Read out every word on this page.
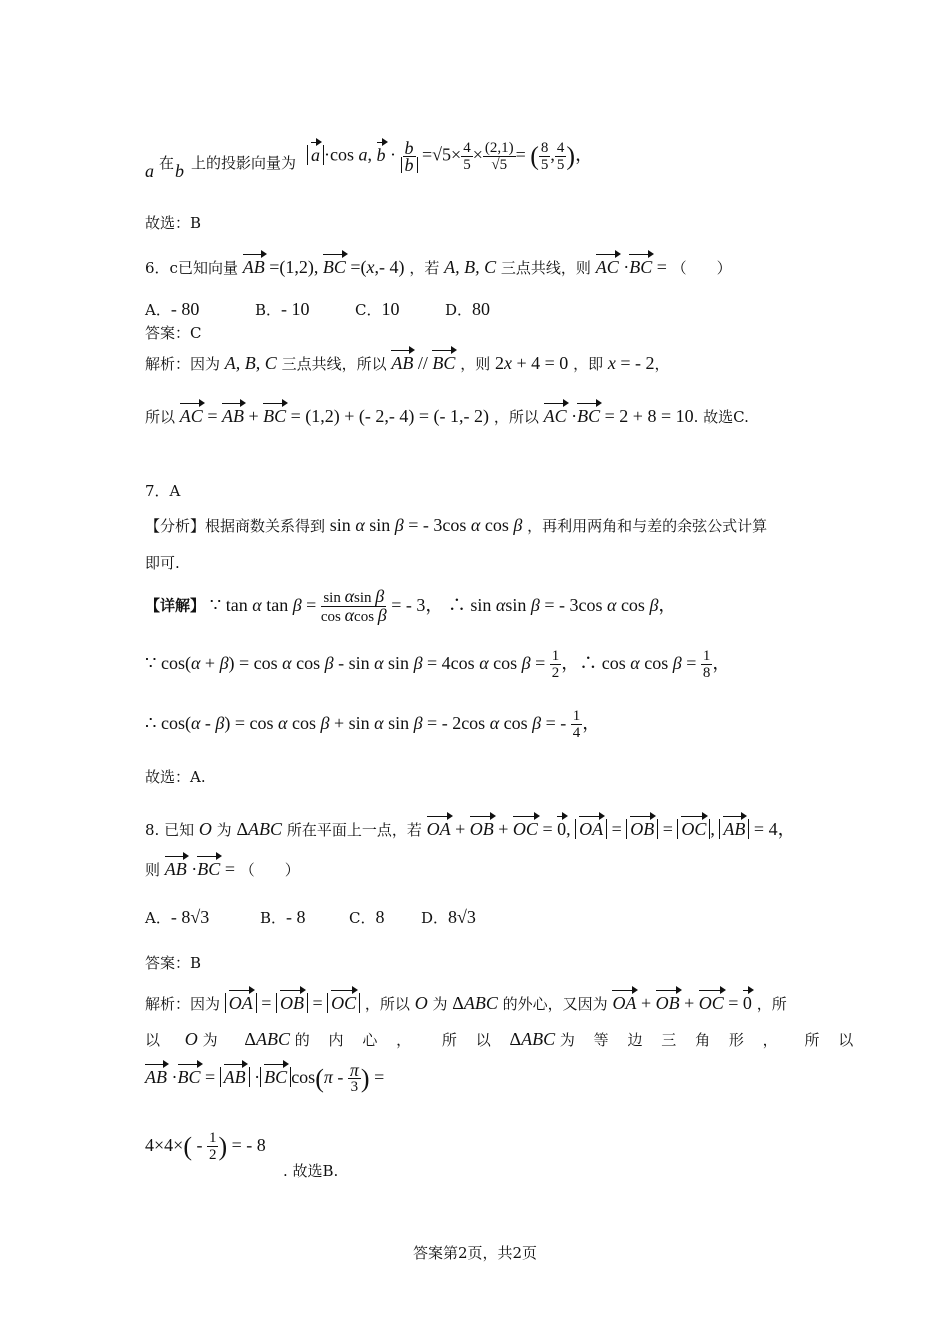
a 在 b 上的投影向量为 a ·cos a, $b \cdot \frac{b}{b} =√5\times \frac{4}{5} \times \frac{(2,1)}{√5}$ = ( $\frac{8}{5}$ , $\frac{4}{5}$ )，
故选：B
6．c已知向量 AB =(1,2), BC =(x,- 4) ，若 A, B, C 三点共线，则 AC ·BC = （　　）
A．- 80	B．- 10	C．10	D．80
答案：C
解析：因为 A, B, C 三点共线，所以 AB // BC ，则 2x + 4 = 0 ，即 x = - 2，
所以 AC = AB + BC = (1,2) + (- 2,- 4) = (- 1,- 2) ，所以 AC ·BC = 2 + 8 = 10. 故选C.
7．A
【分析】根据商数关系得到 sin α sin β = - 3cos α cos β ，再利用两角和与差的余弦公式计算
即可.
【详解】 ∵ tan α $\tan \beta = \frac{\text{sin αsin β}}{\text{cos αcos β}}$ = - 3， ∴ sin αsin β = - 3cos α cos β，
∵ cos(α + β) = cos α cos β - sin α sin β = 4cos α $\cos \beta = \frac{1}{2}$ ，∴ cos α $\cos \beta = \frac{1}{8}$ ，
∴ cos(α - β) = cos α cos β + sin α sin β = - 2cos α cos β = - $\frac{1}{4}$ ，
故选：A.
8. 已知 O 为 ΔABC 所在平面上一点，若 OA + OB + OC = 0, OA = OB = OC , AB = 4，
则 AB ·BC = （　　）
A．- 8√3	B．- 8	C．8 D．8√3
答案：B
解析：因为 OA = OB = OC ，所以 O 为 ΔABC 的外心，又因为 OA + OB + OC = 0 ，所
以 O 为 ΔABC 的 内 心 ， 所 以 ΔABC 为 等 边 三 角 形 ， 所 以
AB ·BC = AB · BC $\cos(\pi - \frac{\pi}{3}$ ) =
$4\times 4\times( - \frac{1}{2}$ ) = - 8
. 故选B.
答案第2页，共2页
